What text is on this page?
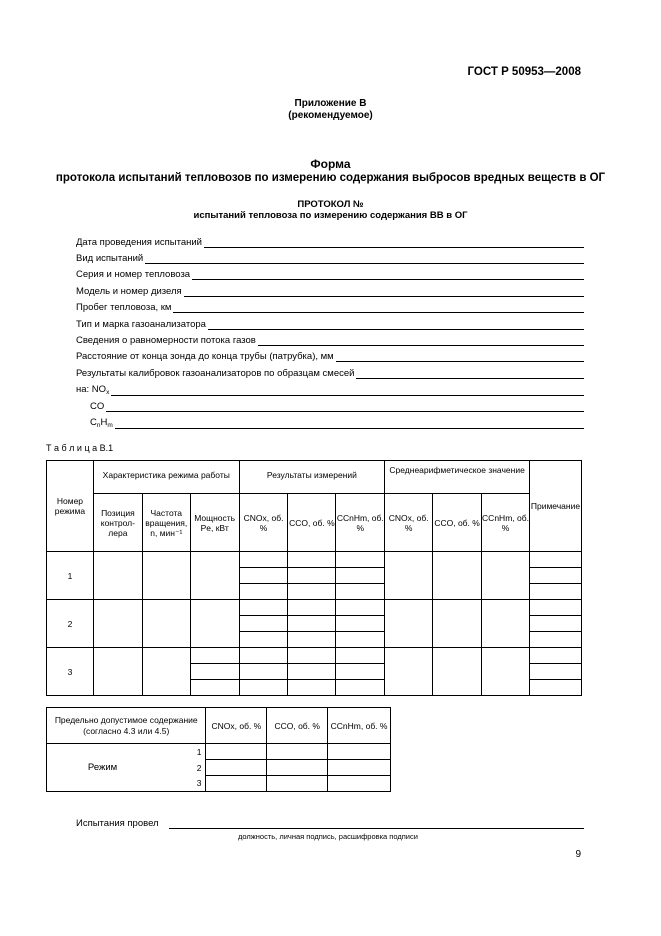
ГОСТ Р 50953—2008
Приложение В
(рекомендуемое)
Форма
протокола испытаний тепловозов по измерению содержания выбросов вредных веществ в ОГ
ПРОТОКОЛ №
испытаний тепловоза по измерению содержания ВВ в ОГ
Дата проведения испытаний
Вид испытаний
Серия и номер тепловоза
Модель и номер дизеля
Пробег тепловоза, км
Тип и марка газоанализатора
Сведения о равномерности потока газов
Расстояние от конца зонда до конца трубы (патрубка), мм
Результаты калибровок газоанализаторов по образцам смесей
на: $NO_x$
CO
$C_nH_m$
Т а б л и ц а В.1
Номер режима	Характеристика режима работы			Результаты измерений			Среднеарифметическое значение			Примечание
	Позиция контроллера	Частота вращения, n, мин⁻¹	Мощность Pe, кВт	CNOx, об. %	CCO, об. %	CCnHm, об. %	CNOx, об. %	CCO, об. %	CCnHm, об. %	
1										

2										

3										

Предельно допустимое содержание (согласно 4.3 или 4.5)		CNOx, об. %	CCO, об. %	CCnHm, об. %
Режим	1			
	2			
	3			
Испытания провел
должность, личная подпись, расшифровка подписи
9
